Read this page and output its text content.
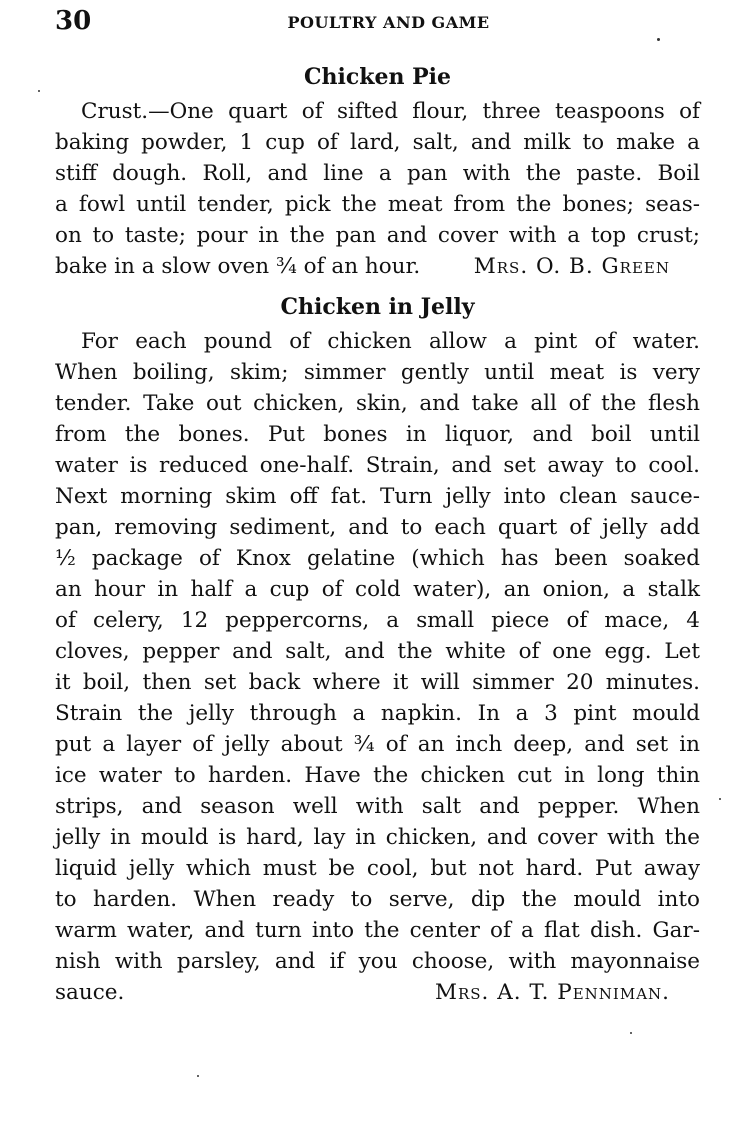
30	POULTRY AND GAME
Chicken Pie
Crust.—One quart of sifted flour, three teaspoons of
baking powder, 1 cup of lard, salt, and milk to make a
stiff dough. Roll, and line a pan with the paste. Boil
a fowl until tender, pick the meat from the bones; seas-
on to taste; pour in the pan and cover with a top crust;
bake in a slow oven ¾ of an hour. Mrs. O. B. Green
Chicken in Jelly
For each pound of chicken allow a pint of water.
When boiling, skim; simmer gently until meat is very
tender. Take out chicken, skin, and take all of the flesh
from the bones. Put bones in liquor, and boil until
water is reduced one-half. Strain, and set away to cool.
Next morning skim off fat. Turn jelly into clean sauce-
pan, removing sediment, and to each quart of jelly add
½ package of Knox gelatine (which has been soaked
an hour in half a cup of cold water), an onion, a stalk
of celery, 12 peppercorns, a small piece of mace, 4
cloves, pepper and salt, and the white of one egg. Let
it boil, then set back where it will simmer 20 minutes.
Strain the jelly through a napkin. In a 3 pint mould
put a layer of jelly about ¾ of an inch deep, and set in
ice water to harden. Have the chicken cut in long thin
strips, and season well with salt and pepper. When
jelly in mould is hard, lay in chicken, and cover with the
liquid jelly which must be cool, but not hard. Put away
to harden. When ready to serve, dip the mould into
warm water, and turn into the center of a flat dish. Gar-
nish with parsley, and if you choose, with mayonnaise
sauce.	Mrs. A. T. Penniman.
